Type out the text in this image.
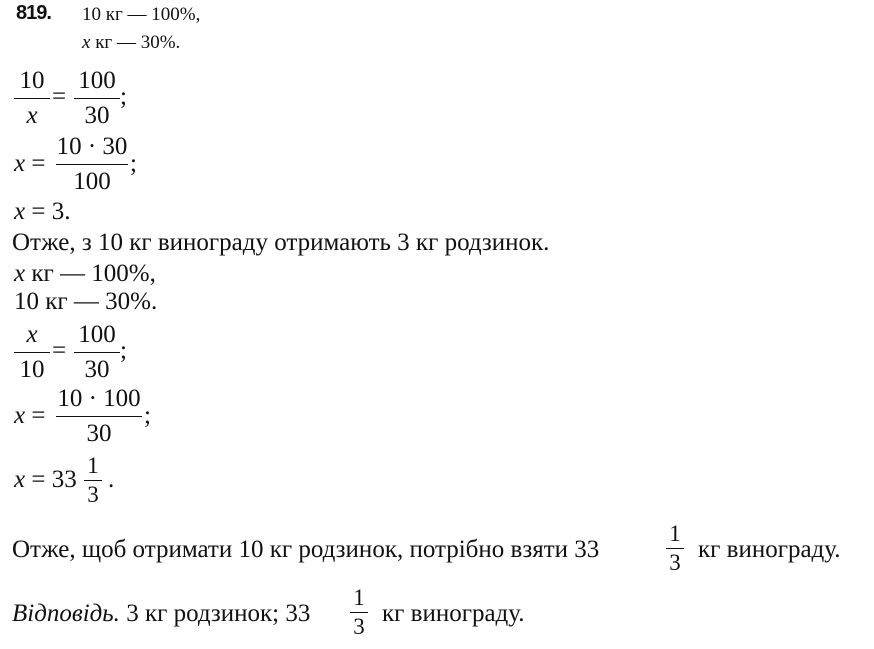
819. 10 кг — 100%,
x кг — 30%.
10
x
=
100
30
;
x =
10 · 30
100
;
x = 3.
Отже, з 10 кг винограду отримають 3 кг родзинок.
x кг — 100%,
10 кг — 30%.
x
10
=
100
30
;
x =
10 · 100
30
;
x = 33
1
3
.
Отже, щоб отримати 10 кг родзинок, потрібно взяти 33
1
3 кг винограду.
Відповідь. 3 кг родзинок; 33
1
3 кг винограду.
